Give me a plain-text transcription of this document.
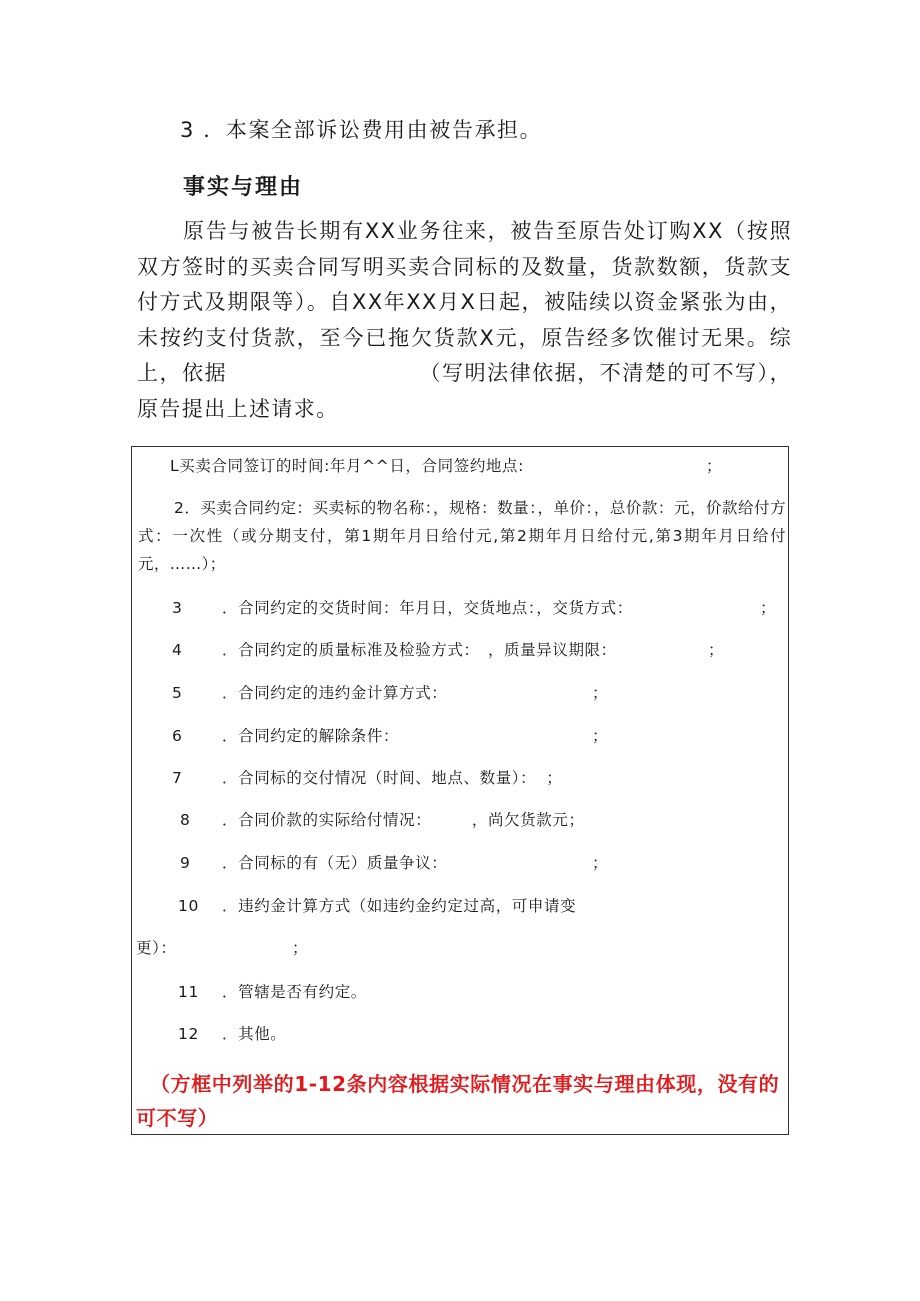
3 ．本案全部诉讼费用由被告承担。
事实与理由
原告与被告长期有XX业务往来，被告至原告处订购XX（按照双方签时的买卖合同写明买卖合同标的及数量，货款数额，货款支付方式及期限等）。自XX年XX月X日起，被陆续以资金紧张为由，未按约支付货款，至今已拖欠货款X元，原告经多饮催讨无果。综上，依据　　　　　　　　　（写明法律依据，不清楚的可不写），原告提出上述请求。
L买卖合同签订的时间:年月^^日，合同签约地点:	；
2．买卖合同约定：买卖标的物名称：，规格：数量：，单价：，总价款：元，价款给付方式：一次性（或分期支付，第1期年月日给付元,第2期年月日给付元,第3期年月日给付元，……）；
3	．合同约定的交货时间：年月日，交货地点：，交货方式：	；
4	．合同约定的质量标准及检验方式：　，质量异议期限：	；
5	．合同约定的违约金计算方式：	；
6	．合同约定的解除条件：	；
7	．合同标的交付情况（时间、地点、数量）： ；
8 ．合同价款的实际给付情况：　　　，尚欠货款元；
9 ．合同标的有（无）质量争议：	；
10 ．违约金计算方式（如违约金约定过高，可申请变
更）：	；
11 ．管辖是否有约定。
12 ．其他。
（方框中列举的1-12条内容根据实际情况在事实与理由体现，没有的可不写）
